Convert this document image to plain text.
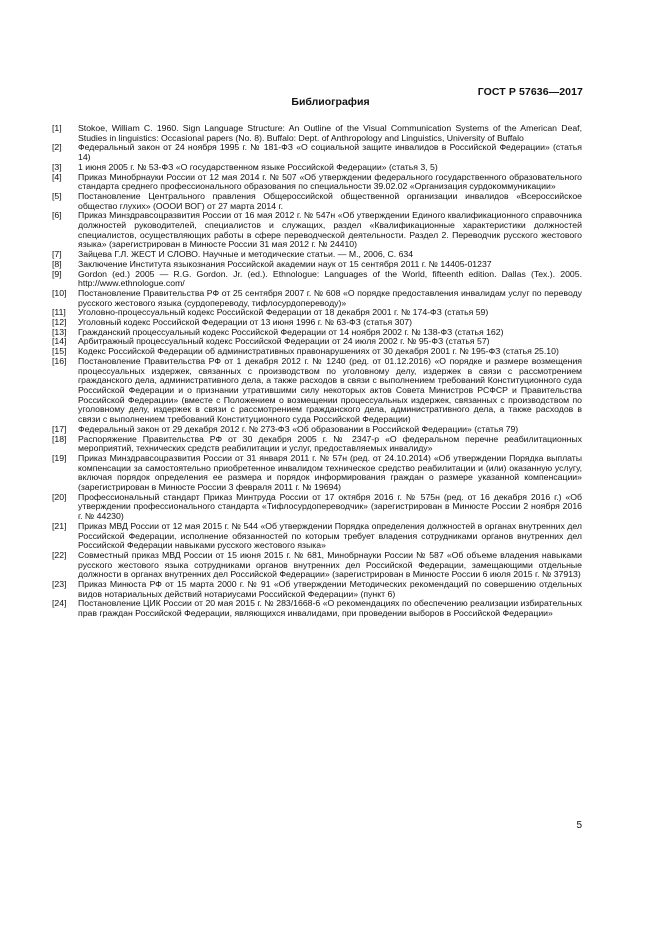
ГОСТ Р 57636—2017
Библиография
[1]	Stokoe, William C. 1960. Sign Language Structure: An Outline of the Visual Communication Systems of the American Deaf, Studies in linguistics: Occasional papers (No. 8). Buffalo: Dept. of Anthropology and Linguistics, University of Buffalo
[2]	Федеральный закон от 24 ноября 1995 г. № 181-ФЗ «О социальной защите инвалидов в Российской Федерации» (статья 14)
[3]	1 июня 2005 г. № 53-ФЗ «О государственном языке Российской Федерации» (статья 3, 5)
[4]	Приказ Минобрнауки России от 12 мая 2014 г. № 507 «Об утверждении федерального государственного образовательного стандарта среднего профессионального образования по специальности 39.02.02 «Организация сурдокоммуникации»
[5]	Постановление Центрального правления Общероссийской общественной организации инвалидов «Всероссийское общество глухих» (ОООИ ВОГ) от 27 марта 2014 г.
[6]	Приказ Минздравсоцразвития России от 16 мая 2012 г. № 547н «Об утверждении Единого квалификационного справочника должностей руководителей, специалистов и служащих, раздел «Квалификационные характеристики должностей специалистов, осуществляющих работы в сфере переводческой деятельности. Раздел 2. Переводчик русского жестового языка» (зарегистрирован в Минюсте России 31 мая 2012 г. № 24410)
[7]	Зайцева Г.Л. ЖЕСТ И СЛОВО. Научные и методические статьи. — М., 2006, С. 634
[8]	Заключение Института языкознания Российской академии наук от 15 сентября 2011 г. № 14405-01237
[9]	Gordon (ed.) 2005 — R.G. Gordon. Jr. (ed.). Ethnologue: Languages of the World, fifteenth edition. Dallas (Tex.). 2005. http://www.ethnologue.com/
[10]	Постановление Правительства РФ от 25 сентября 2007 г. № 608 «О порядке предоставления инвалидам услуг по переводу русского жестового языка (сурдопереводу, тифлосурдопереводу)»
[11]	Уголовно-процессуальный кодекс Российской Федерации от 18 декабря 2001 г. № 174-ФЗ (статья 59)
[12]	Уголовный кодекс Российской Федерации от 13 июня 1996 г. № 63-ФЗ (статья 307)
[13]	Гражданский процессуальный кодекс Российской Федерации от 14 ноября 2002 г. № 138-ФЗ (статья 162)
[14]	Арбитражный процессуальный кодекс Российской Федерации от 24 июля 2002 г. № 95-ФЗ (статья 57)
[15]	Кодекс Российской Федерации об административных правонарушениях от 30 декабря 2001 г. № 195-ФЗ (статья 25.10)
[16]	Постановление Правительства РФ от 1 декабря 2012 г. № 1240 (ред. от 01.12.2016) «О порядке и размере возмещения процессуальных издержек, связанных с производством по уголовному делу, издержек в связи с рассмотрением гражданского дела, административного дела, а также расходов в связи с выполнением требований Конституционного суда Российской Федерации и о признании утратившими силу некоторых актов Совета Министров РСФСР и Правительства Российской Федерации» (вместе с Положением о возмещении процессуальных издержек, связанных с производством по уголовному делу, издержек в связи с рассмотрением гражданского дела, административного дела, а также расходов в связи с выполнением требований Конституционного суда Российской Федерации)
[17]	Федеральный закон от 29 декабря 2012 г. № 273-ФЗ «Об образовании в Российской Федерации» (статья 79)
[18]	Распоряжение Правительства РФ от 30 декабря 2005 г. № 2347-р «О федеральном перечне реабилитационных мероприятий, технических средств реабилитации и услуг, предоставляемых инвалиду»
[19]	Приказ Минздравсоцразвития России от 31 января 2011 г. № 57н (ред. от 24.10.2014) «Об утверждении Порядка выплаты компенсации за самостоятельно приобретенное инвалидом техническое средство реабилитации и (или) оказанную услугу, включая порядок определения ее размера и порядок информирования граждан о размере указанной компенсации» (зарегистрирован в Минюсте России 3 февраля 2011 г. № 19694)
[20]	Профессиональный стандарт Приказ Минтруда России от 17 октября 2016 г. № 575н (ред. от 16 декабря 2016 г.) «Об утверждении профессионального стандарта «Тифлосурдопереводчик» (зарегистрирован в Минюсте России 2 ноября 2016 г. № 44230)
[21]	Приказ МВД России от 12 мая 2015 г. № 544 «Об утверждении Порядка определения должностей в органах внутренних дел Российской Федерации, исполнение обязанностей по которым требует владения сотрудниками органов внутренних дел Российской Федерации навыками русского жестового языка»
[22]	Совместный приказ МВД России от 15 июня 2015 г. № 681, Минобрнауки России № 587 «Об объеме владения навыками русского жестового языка сотрудниками органов внутренних дел Российской Федерации, замещающими отдельные должности в органах внутренних дел Российской Федерации» (зарегистрирован в Минюсте России 6 июля 2015 г. № 37913)
[23]	Приказ Минюста РФ от 15 марта 2000 г. № 91 «Об утверждении Методических рекомендаций по совершению отдельных видов нотариальных действий нотариусами Российской Федерации» (пункт 6)
[24]	Постановление ЦИК России от 20 мая 2015 г. № 283/1668-6 «О рекомендациях по обеспечению реализации избирательных прав граждан Российской Федерации, являющихся инвалидами, при проведении выборов в Российской Федерации»
5
